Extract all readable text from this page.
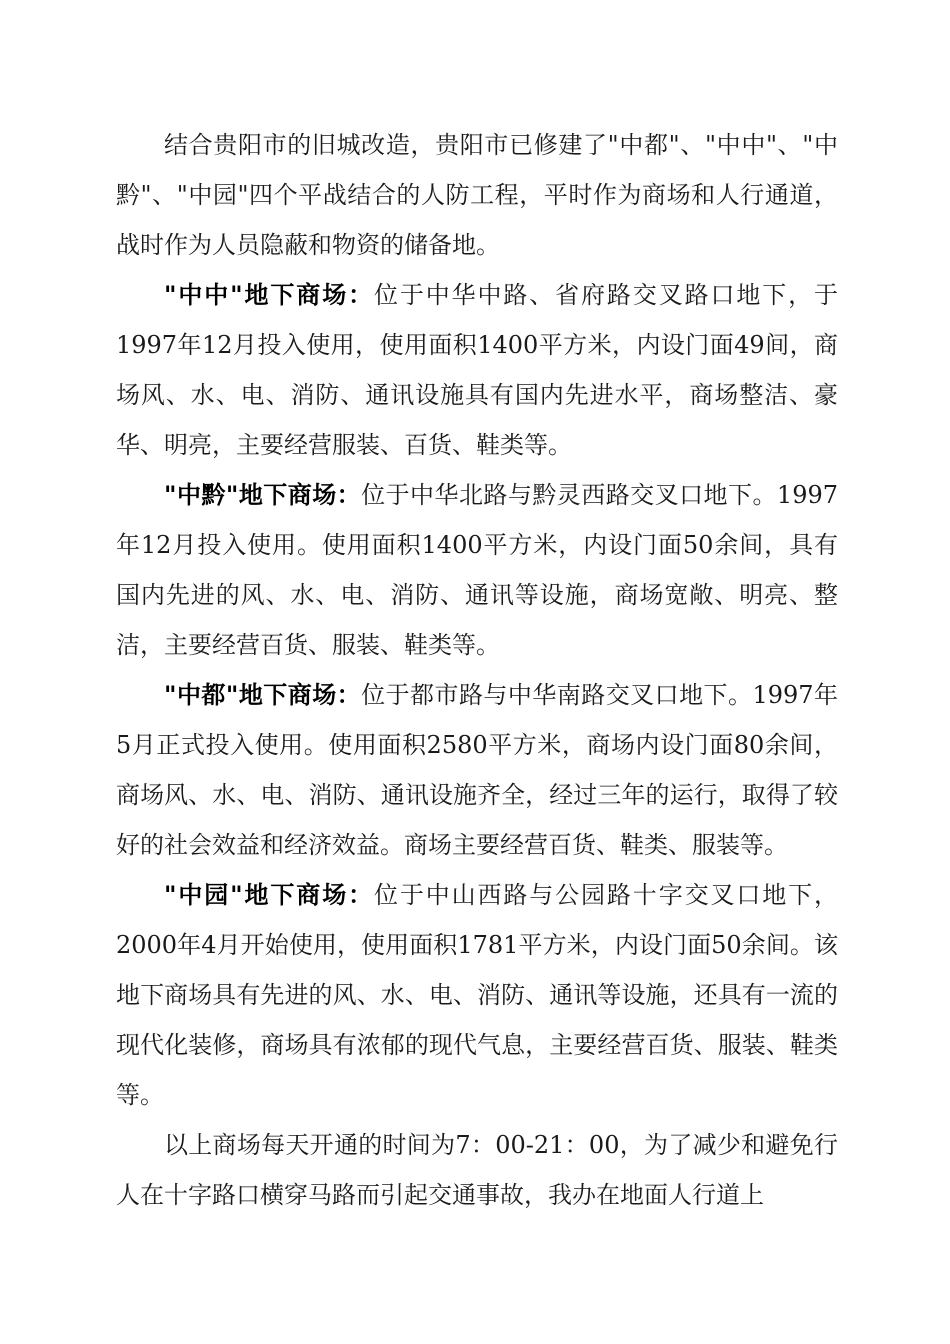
结合贵阳市的旧城改造，贵阳市已修建了"中都"、"中中"、"中黔"、"中园"四个平战结合的人防工程，平时作为商场和人行通道，战时作为人员隐蔽和物资的储备地。

"中中"地下商场：位于中华中路、省府路交叉路口地下，于1997年12月投入使用，使用面积1400平方米，内设门面49间，商场风、水、电、消防、通讯设施具有国内先进水平，商场整洁、豪华、明亮，主要经营服装、百货、鞋类等。

"中黔"地下商场：位于中华北路与黔灵西路交叉口地下。1997年12月投入使用。使用面积1400平方米，内设门面50余间，具有国内先进的风、水、电、消防、通讯等设施，商场宽敞、明亮、整洁，主要经营百货、服装、鞋类等。

"中都"地下商场：位于都市路与中华南路交叉口地下。1997年5月正式投入使用。使用面积2580平方米，商场内设门面80余间，商场风、水、电、消防、通讯设施齐全，经过三年的运行，取得了较好的社会效益和经济效益。商场主要经营百货、鞋类、服装等。

"中园"地下商场：位于中山西路与公园路十字交叉口地下，2000年4月开始使用，使用面积1781平方米，内设门面50余间。该地下商场具有先进的风、水、电、消防、通讯等设施，还具有一流的现代化装修，商场具有浓郁的现代气息，主要经营百货、服装、鞋类等。

以上商场每天开通的时间为7：00-21：00，为了减少和避免行人在十字路口横穿马路而引起交通事故，我办在地面人行道上
